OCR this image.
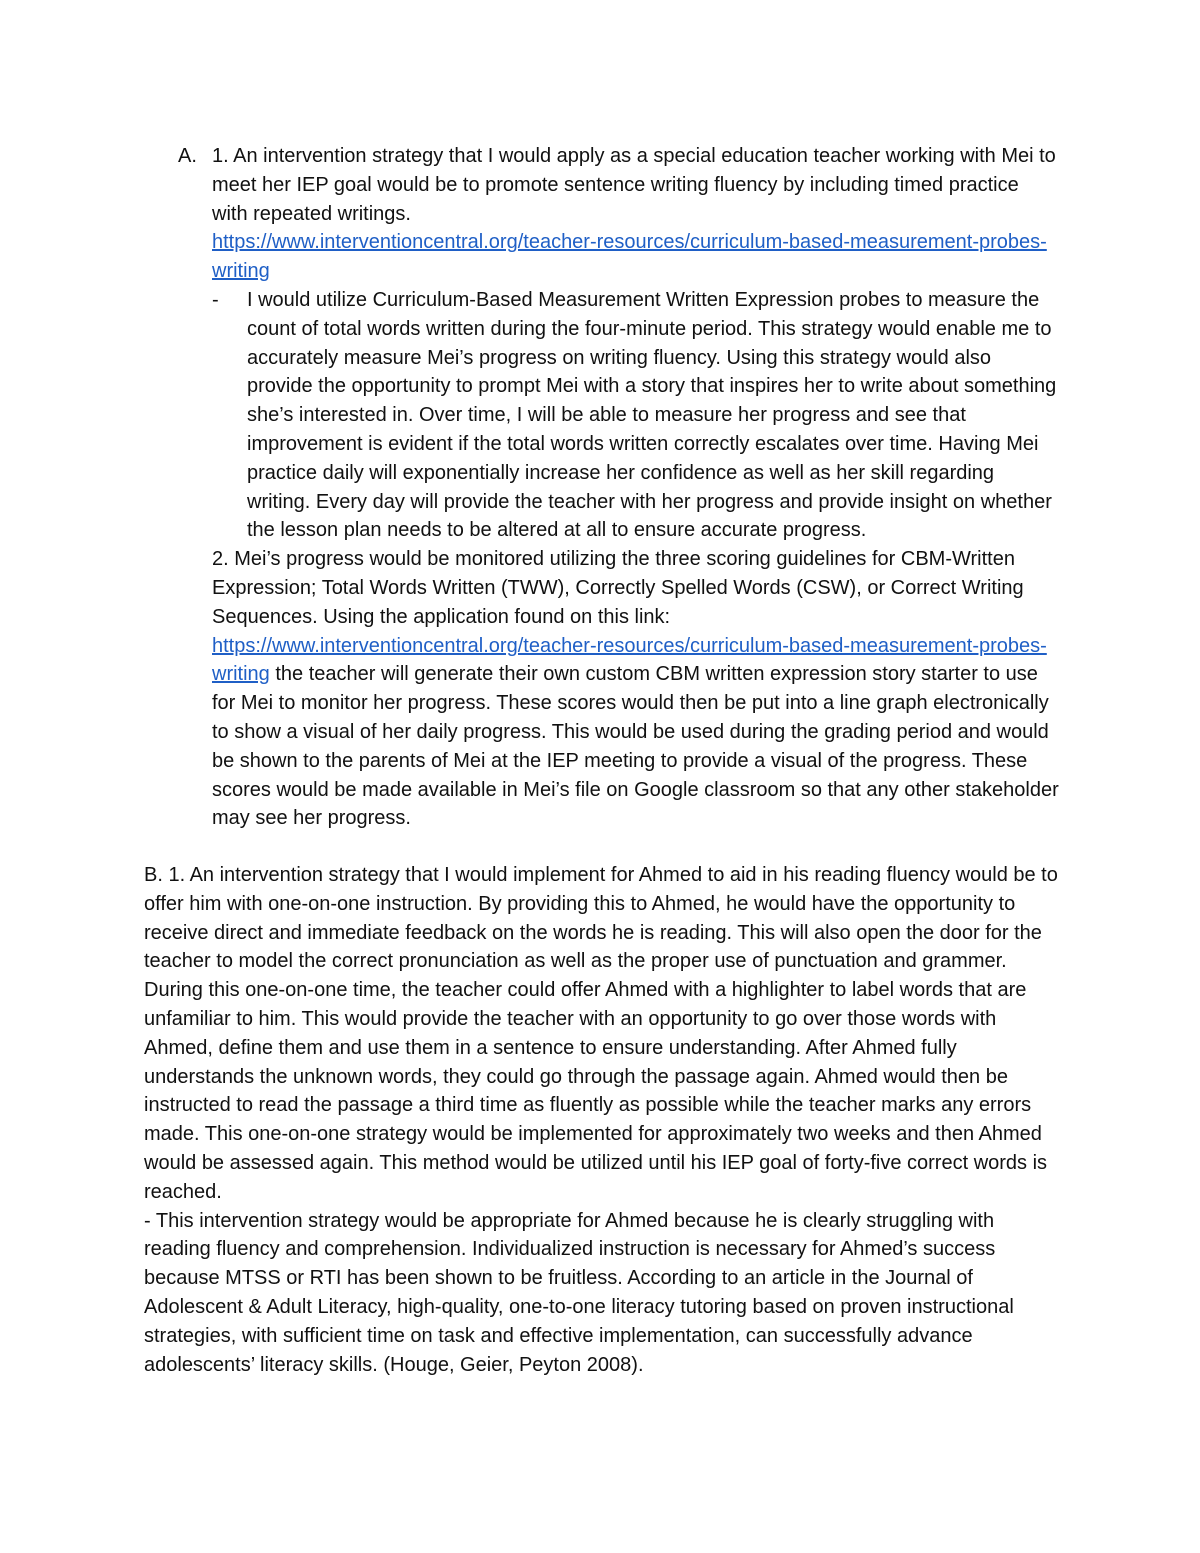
A. 1. An intervention strategy that I would apply as a special education teacher working with Mei to meet her IEP goal would be to promote sentence writing fluency by including timed practice with repeated writings.
https://www.interventioncentral.org/teacher-resources/curriculum-based-measurement-probes-writing

- I would utilize Curriculum-Based Measurement Written Expression probes to measure the count of total words written during the four-minute period. This strategy would enable me to accurately measure Mei’s progress on writing fluency. Using this strategy would also provide the opportunity to prompt Mei with a story that inspires her to write about something she’s interested in. Over time, I will be able to measure her progress and see that improvement is evident if the total words written correctly escalates over time. Having Mei practice daily will exponentially increase her confidence as well as her skill regarding writing. Every day will provide the teacher with her progress and provide insight on whether the lesson plan needs to be altered at all to ensure accurate progress.

2. Mei’s progress would be monitored utilizing the three scoring guidelines for CBM-Written Expression; Total Words Written (TWW), Correctly Spelled Words (CSW), or Correct Writing Sequences. Using the application found on this link: https://www.interventioncentral.org/teacher-resources/curriculum-based-measurement-probes-writing the teacher will generate their own custom CBM written expression story starter to use for Mei to monitor her progress. These scores would then be put into a line graph electronically to show a visual of her daily progress. This would be used during the grading period and would be shown to the parents of Mei at the IEP meeting to provide a visual of the progress. These scores would be made available in Mei’s file on Google classroom so that any other stakeholder may see her progress.

B. 1. An intervention strategy that I would implement for Ahmed to aid in his reading fluency would be to offer him with one-on-one instruction. By providing this to Ahmed, he would have the opportunity to receive direct and immediate feedback on the words he is reading. This will also open the door for the teacher to model the correct pronunciation as well as the proper use of punctuation and grammer. During this one-on-one time, the teacher could offer Ahmed with a highlighter to label words that are unfamiliar to him. This would provide the teacher with an opportunity to go over those words with Ahmed, define them and use them in a sentence to ensure understanding. After Ahmed fully understands the unknown words, they could go through the passage again. Ahmed would then be instructed to read the passage a third time as fluently as possible while the teacher marks any errors made. This one-on-one strategy would be implemented for approximately two weeks and then Ahmed would be assessed again. This method would be utilized until his IEP goal of forty-five correct words is reached.

- This intervention strategy would be appropriate for Ahmed because he is clearly struggling with reading fluency and comprehension. Individualized instruction is necessary for Ahmed’s success because MTSS or RTI has been shown to be fruitless. According to an article in the Journal of Adolescent & Adult Literacy, high-quality, one-to-one literacy tutoring based on proven instructional strategies, with sufficient time on task and effective implementation, can successfully advance adolescents’ literacy skills. (Houge, Geier, Peyton 2008).
